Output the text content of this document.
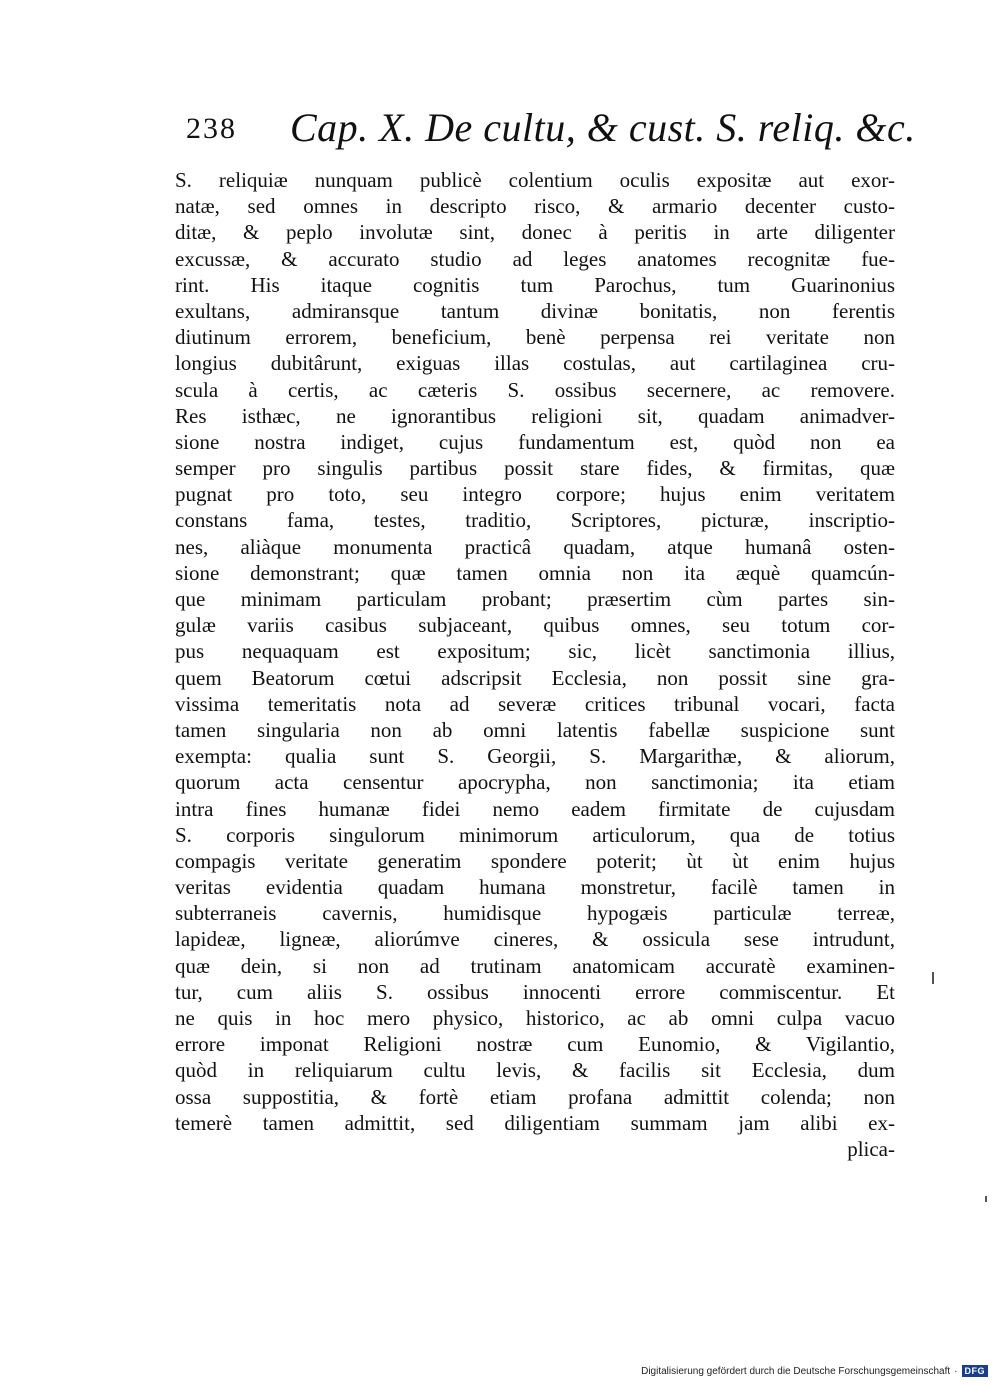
238 Cap. X. De cultu, & cust. S. reliq. &c.
S. reliquiæ nunquam publicè colentium oculis expositæ aut exor-
natæ, sed omnes in descripto risco, & armario decenter custo-
ditæ, & peplo involutæ sint, donec à peritis in arte diligenter
excussæ, & accurato studio ad leges anatomes recognitæ fue-
rint. His itaque cognitis tum Parochus, tum Guarinonius
exultans, admiransque tantum divinæ bonitatis, non ferentis
diutinum errorem, beneficium, benè perpensa rei veritate non
longius dubitârunt, exiguas illas costulas, aut cartilaginea cru-
scula à certis, ac cæteris S. ossibus secernere, ac removere.
Res isthæc, ne ignorantibus religioni sit, quadam animadver-
sione nostra indiget, cujus fundamentum est, quòd non ea
semper pro singulis partibus possit stare fides, & firmitas, quæ
pugnat pro toto, seu integro corpore; hujus enim veritatem
constans fama, testes, traditio, Scriptores, picturæ, inscriptio-
nes, aliàque monumenta practicâ quadam, atque humanâ osten-
sione demonstrant; quæ tamen omnia non ita æquè quamcún-
que minimam particulam probant; præsertim cùm partes sin-
gulæ variis casibus subjaceant, quibus omnes, seu totum cor-
pus nequaquam est expositum; sic, licèt sanctimonia illius,
quem Beatorum cœtui adscripsit Ecclesia, non possit sine gra-
vissima temeritatis nota ad severæ critices tribunal vocari, facta
tamen singularia non ab omni latentis fabellæ suspicione sunt
exempta: qualia sunt S. Georgii, S. Margarithæ, & aliorum,
quorum acta censentur apocrypha, non sanctimonia; ita etiam
intra fines humanæ fidei nemo eadem firmitate de cujusdam
S. corporis singulorum minimorum articulorum, qua de totius
compagis veritate generatim spondere poterit; ùt ùt enim hujus
veritas evidentia quadam humana monstretur, facilè tamen in
subterraneis cavernis, humidisque hypogæis particulæ terreæ,
lapideæ, ligneæ, aliorúmve cineres, & ossicula sese intrudunt,
quæ dein, si non ad trutinam anatomicam accuratè examinen-
tur, cum aliis S. ossibus innocenti errore commiscentur. Et
ne quis in hoc mero physico, historico, ac ab omni culpa vacuo
errore imponat Religioni nostræ cum Eunomio, & Vigilantio,
quòd in reliquiarum cultu levis, & facilis sit Ecclesia, dum
ossa suppostitia, & fortè etiam profana admittit colenda; non
temerè tamen admittit, sed diligentiam summam jam alibi ex-
plica-
Digitalisierung gefördert durch die Deutsche Forschungsgemeinschaft · DFG
